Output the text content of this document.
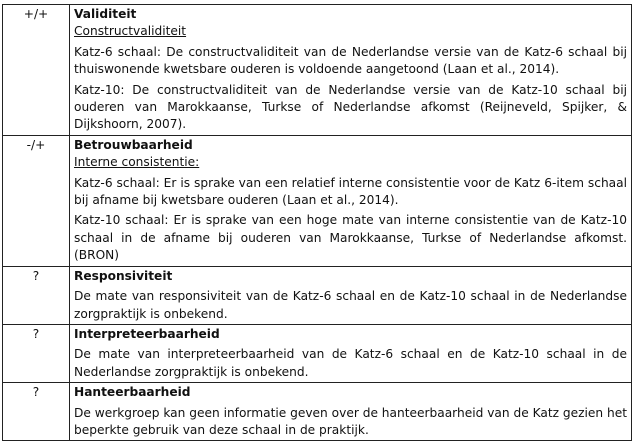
+/+	Validiteit
Constructvaliditeit
Katz-6 schaal: De constructvaliditeit van de Nederlandse versie van de Katz-6 schaal bij thuiswonende kwetsbare ouderen is voldoende aangetoond (Laan et al., 2014).
Katz-10: De constructvaliditeit van de Nederlandse versie van de Katz-10 schaal bij ouderen van Marokkaanse, Turkse of Nederlandse afkomst (Reijneveld, Spijker, & Dijkshoorn, 2007).

-/+	Betrouwbaarheid
Interne consistentie:
Katz-6 schaal: Er is sprake van een relatief interne consistentie voor de Katz 6-item schaal bij afname bij kwetsbare ouderen (Laan et al., 2014).
Katz-10 schaal: Er is sprake van een hoge mate van interne consistentie van de Katz-10 schaal in de afname bij ouderen van Marokkaanse, Turkse of Nederlandse afkomst. (BRON)

?	Responsiviteit
De mate van responsiviteit van de Katz-6 schaal en de Katz-10 schaal in de Nederlandse zorgpraktijk is onbekend.

?	Interpreteerbaarheid
De mate van interpreteerbaarheid van de Katz-6 schaal en de Katz-10 schaal in de Nederlandse zorgpraktijk is onbekend.

?	Hanteerbaarheid
De werkgroep kan geen informatie geven over de hanteerbaarheid van de Katz gezien het beperkte gebruik van deze schaal in de praktijk.
